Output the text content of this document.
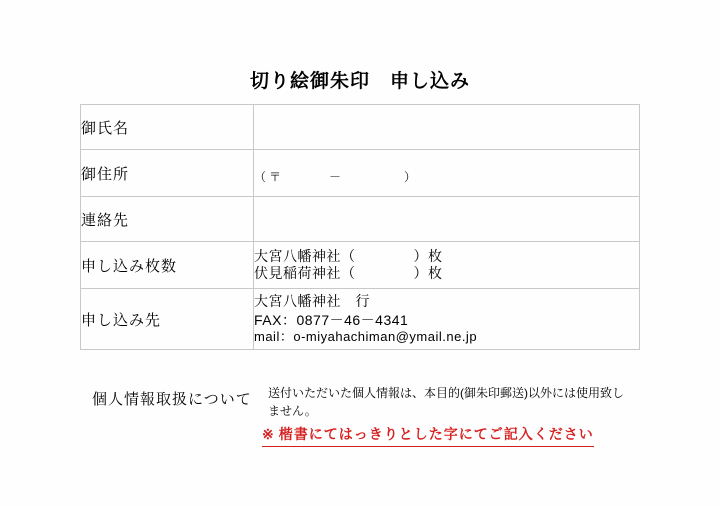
切り絵御朱印　申し込み
御氏名	
御住所	（〒　　　－　　　　）

連絡先	
申し込み枚数	大宮八幡神社（　　　　）枚
伏見稲荷神社（　　　　）枚

申し込み先	大宮八幡神社　行
FAX：0877－46－4341
mail：o-miyahachiman@ymail.ne.jp
個人情報取扱について 送付いただいた個人情報は、本目的(御朱印郵送)以外には使用致しません。
※ 楷書にてはっきりとした字にてご記入ください
